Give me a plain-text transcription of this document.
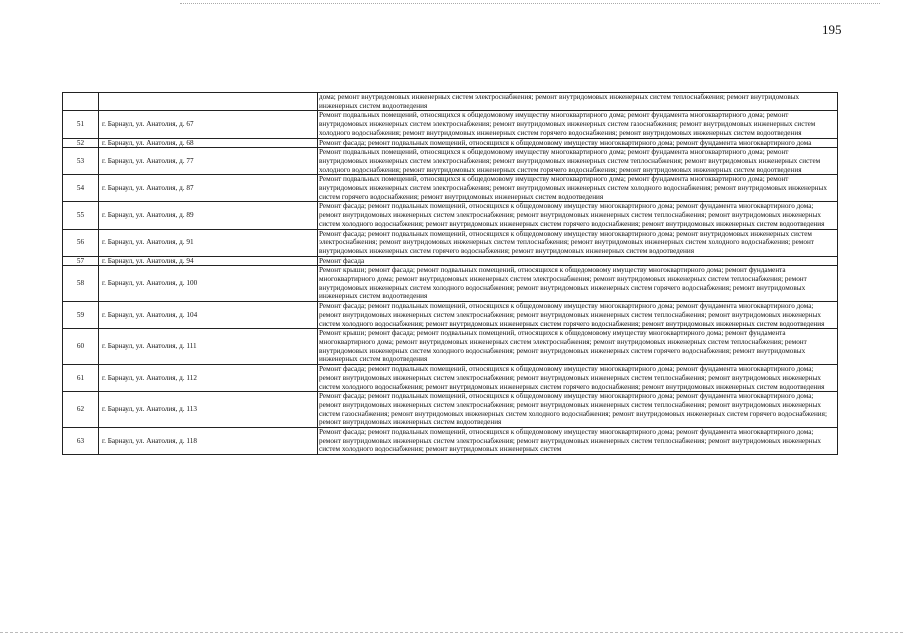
195
		дома; ремонт внутридомовых инженерных систем электроснабжения; ремонт внутридомовых инженерных систем теплоснабжения; ремонт внутридомовых инженерных систем водоотведения
51	г. Барнаул, ул. Анатолия, д. 67	Ремонт подвальных помещений, относящихся к общедомовому имуществу многоквартирного дома; ремонт фундамента многоквартирного дома; ремонт внутридомовых инженерных систем электроснабжения; ремонт внутридомовых инженерных систем газоснабжения; ремонт внутридомовых инженерных систем холодного водоснабжения; ремонт внутридомовых инженерных систем горячего водоснабжения; ремонт внутридомовых инженерных систем водоотведения
52	г. Барнаул, ул. Анатолия, д. 68	Ремонт фасада; ремонт подвальных помещений, относящихся к общедомовому имуществу многоквартирного дома; ремонт фундамента многоквартирного дома
53	г. Барнаул, ул. Анатолия, д. 77	Ремонт подвальных помещений, относящихся к общедомовому имуществу многоквартирного дома; ремонт фундамента многоквартирного дома; ремонт внутридомовых инженерных систем электроснабжения; ремонт внутридомовых инженерных систем теплоснабжения; ремонт внутридомовых инженерных систем холодного водоснабжения; ремонт внутридомовых инженерных систем горячего водоснабжения; ремонт внутридомовых инженерных систем водоотведения
54	г. Барнаул, ул. Анатолия, д. 87	Ремонт подвальных помещений, относящихся к общедомовому имуществу многоквартирного дома; ремонт фундамента многоквартирного дома; ремонт внутридомовых инженерных систем электроснабжения; ремонт внутридомовых инженерных систем холодного водоснабжения; ремонт внутридомовых инженерных систем горячего водоснабжения; ремонт внутридомовых инженерных систем водоотведения
55	г. Барнаул, ул. Анатолия, д. 89	Ремонт фасада; ремонт подвальных помещений, относящихся к общедомовому имуществу многоквартирного дома; ремонт фундамента многоквартирного дома; ремонт внутридомовых инженерных систем электроснабжения; ремонт внутридомовых инженерных систем теплоснабжения; ремонт внутридомовых инженерных систем холодного водоснабжения; ремонт внутридомовых инженерных систем горячего водоснабжения; ремонт внутридомовых инженерных систем водоотведения
56	г. Барнаул, ул. Анатолия, д. 91	Ремонт фасада; ремонт подвальных помещений, относящихся к общедомовому имуществу многоквартирного дома; ремонт внутридомовых инженерных систем электроснабжения; ремонт внутридомовых инженерных систем теплоснабжения; ремонт внутридомовых инженерных систем холодного водоснабжения; ремонт внутридомовых инженерных систем горячего водоснабжения; ремонт внутридомовых инженерных систем водоотведения
57	г. Барнаул, ул. Анатолия, д. 94	Ремонт фасада
58	г. Барнаул, ул. Анатолия, д. 100	Ремонт крыши; ремонт фасада; ремонт подвальных помещений, относящихся к общедомовому имуществу многоквартирного дома; ремонт фундамента многоквартирного дома; ремонт внутридомовых инженерных систем электроснабжения; ремонт внутридомовых инженерных систем теплоснабжения; ремонт внутридомовых инженерных систем холодного водоснабжения; ремонт внутридомовых инженерных систем горячего водоснабжения; ремонт внутридомовых инженерных систем водоотведения
59	г. Барнаул, ул. Анатолия, д. 104	Ремонт фасада; ремонт подвальных помещений, относящихся к общедомовому имуществу многоквартирного дома; ремонт фундамента многоквартирного дома; ремонт внутридомовых инженерных систем электроснабжения; ремонт внутридомовых инженерных систем теплоснабжения; ремонт внутридомовых инженерных систем холодного водоснабжения; ремонт внутридомовых инженерных систем горячего водоснабжения; ремонт внутридомовых инженерных систем водоотведения
60	г. Барнаул, ул. Анатолия, д. 111	Ремонт крыши; ремонт фасада; ремонт подвальных помещений, относящихся к общедомовому имуществу многоквартирного дома; ремонт фундамента многоквартирного дома; ремонт внутридомовых инженерных систем электроснабжения; ремонт внутридомовых инженерных систем теплоснабжения; ремонт внутридомовых инженерных систем холодного водоснабжения; ремонт внутридомовых инженерных систем горячего водоснабжения; ремонт внутридомовых инженерных систем водоотведения
61	г. Барнаул, ул. Анатолия, д. 112	Ремонт фасада; ремонт подвальных помещений, относящихся к общедомовому имуществу многоквартирного дома; ремонт фундамента многоквартирного дома; ремонт внутридомовых инженерных систем электроснабжения; ремонт внутридомовых инженерных систем теплоснабжения; ремонт внутридомовых инженерных систем холодного водоснабжения; ремонт внутридомовых инженерных систем горячего водоснабжения; ремонт внутридомовых инженерных систем водоотведения
62	г. Барнаул, ул. Анатолия, д. 113	Ремонт фасада; ремонт подвальных помещений, относящихся к общедомовому имуществу многоквартирного дома; ремонт фундамента многоквартирного дома; ремонт внутридомовых инженерных систем электроснабжения; ремонт внутридомовых инженерных систем теплоснабжения; ремонт внутридомовых инженерных систем газоснабжения; ремонт внутридомовых инженерных систем холодного водоснабжения; ремонт внутридомовых инженерных систем горячего водоснабжения; ремонт внутридомовых инженерных систем водоотведения
63	г. Барнаул, ул. Анатолия, д. 118	Ремонт фасада; ремонт подвальных помещений, относящихся к общедомовому имуществу многоквартирного дома; ремонт фундамента многоквартирного дома; ремонт внутридомовых инженерных систем электроснабжения; ремонт внутридомовых инженерных систем теплоснабжения; ремонт внутридомовых инженерных систем холодного водоснабжения; ремонт внутридомовых инженерных систем
